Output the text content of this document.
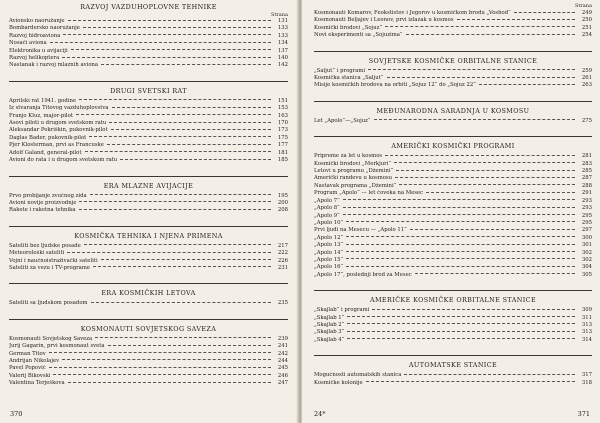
RAZVOJ VAZDUHOPLOVNE TEHNIKE
Strana
Avionsko naoružanje	131
Bombardersko naoružanje	133
Razvoj hidroaviona	133
Nosači aviona	134
Elektronika u avijaciji	137
Razvoj helikoptera	140
Nastanak i razvoj mlaznih aviona	142
DRUGI SVETSKI RAT
Aprilski rat 1941. godine	151
Iz stvaranja Titovog vazduhoplovstva	153
Franjo Kluz, major-pilot	163
Asovi piloti u drugom svetskom ratu	170
Aleksandar Pokriškin, pukovnik-pilot	173
Daglas Bader, pukovnik-pilot	175
Pjer Klosterman, prvi as Francuske	177
Adolf Galand, general-pilot	181
Avioni do rata i u drugom svetskom ratu	185
ERA MLAZNE AVIJACIJE
Prvo probijanje zvučnog zida	195
Avioni novije proizvodnje	200
Rakete i raketna tehnika	208
KOSMIČKA TEHNIKA I NJENA PRIMENA
Sateliti bez ljudske posade	217
Meteorološki sateliti	222
Vojni i naučnoistraživački sateliti	226
Sateliti za vezu i TV-programe	231
ERA KOSMIČKIH LETOVA
Sateliti sa ljudskom posadom	235
KOSMONAUTI SOVJETSKOG SAVEZA
Kosmonauti Sovjetskog Saveza	239
Jurij Gagarin, prvi kosmonaut sveta	241
German Titov	242
Andrijan Nikolajev	244
Pavel Popović	245
Valerij Bikovski	246
Valentina Terješkova	247
370
Strana
Kosmonauti Komarov, Feokstistov i Jegorov u kosmičkom brodu „Voshod“	249
Kosmonauti Beljajev i Leonov, prvi izlazak u kosmos	250
Kosmički brodovi „Sojuz“	251
Novi eksperimenti sa „Sojuzima“	254
SOVJETSKE KOSMIČKE ORBITALNE STANICE
„Saljut“ i programi	259
Kosmička stanica „Saljut“	261
Misije kosmičkih brodova na orbiti „Sojuz 12“ do „Sojuz 22“	263
MEĐUNARODNA SARADNJA U KOSMOSU
Let „Apolo“—„Sojuz“	275
AMERIČKI KOSMIČKI PROGRAMI
Pripreme za let u kosmos	281
Kosmički brodovi „Merkjuri“	283
Letovi u programu „Džemini“	285
Američki randevu u kosmosu	287
Nastavak programa „Džemini“	288
Program „Apolo“ — let čoveka na Mesec	291
„Apolo 7“	293
„Apolo 8“	293
„Apolo 9“	295
„Apolo 10“	295
Prvi ljudi na Mesecu — „Apolo 11“	297
„Apolo 12“	300
„Apolo 13“	301
„Apolo 14“	302
„Apolo 15“	302
„Apolo 16“	304
„Apolo 17“, poslednji brod za Mesec	305
AMERIČKE KOSMIČKE ORBITALNE STANICE
„Skajlab“ i programi	309
„Skajlab 1“	311
„Skajlab 2“	313
„Skajlab 3“	313
„Skajlab 4“	314
AUTOMATSKE STANICE
Mogućnosti automatskih stanica	317
Kosmičke kolonije	318
24*	371
